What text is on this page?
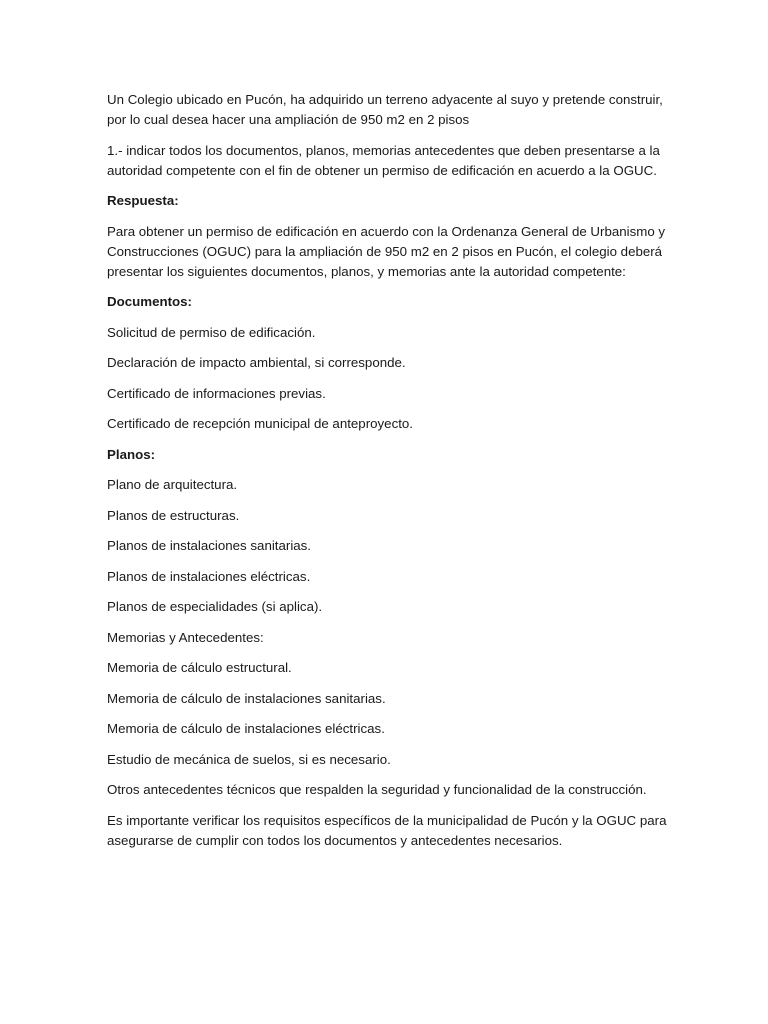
Un Colegio ubicado en Pucón, ha adquirido un terreno adyacente al suyo y pretende construir, por lo cual desea hacer una ampliación de 950 m2 en 2 pisos

1.- indicar todos los documentos, planos, memorias antecedentes que deben presentarse a la autoridad competente con el fin de obtener un permiso de edificación en acuerdo a la OGUC.

Respuesta:

Para obtener un permiso de edificación en acuerdo con la Ordenanza General de Urbanismo y Construcciones (OGUC) para la ampliación de 950 m2 en 2 pisos en Pucón, el colegio deberá presentar los siguientes documentos, planos, y memorias ante la autoridad competente:

Documentos:

Solicitud de permiso de edificación.

Declaración de impacto ambiental, si corresponde.

Certificado de informaciones previas.

Certificado de recepción municipal de anteproyecto.

Planos:

Plano de arquitectura.

Planos de estructuras.

Planos de instalaciones sanitarias.

Planos de instalaciones eléctricas.

Planos de especialidades (si aplica).

Memorias y Antecedentes:

Memoria de cálculo estructural.

Memoria de cálculo de instalaciones sanitarias.

Memoria de cálculo de instalaciones eléctricas.

Estudio de mecánica de suelos, si es necesario.

Otros antecedentes técnicos que respalden la seguridad y funcionalidad de la construcción.

Es importante verificar los requisitos específicos de la municipalidad de Pucón y la OGUC para asegurarse de cumplir con todos los documentos y antecedentes necesarios.
